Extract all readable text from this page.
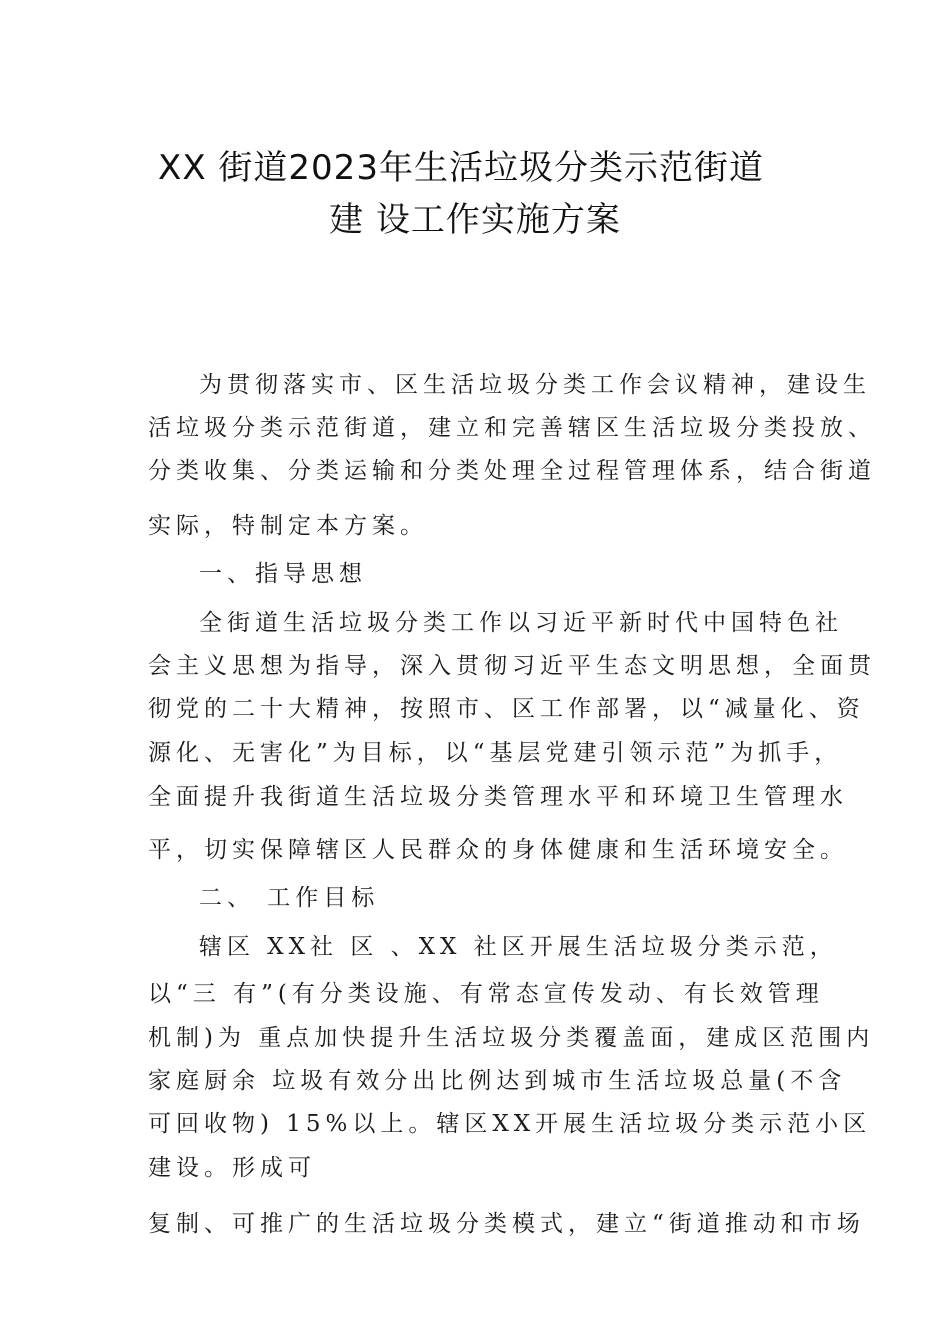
XX 街道2023年生活垃圾分类示范街道
建 设工作实施方案
为贯彻落实市、区生活垃圾分类工作会议精神，建设生
活垃圾分类示范街道，建立和完善辖区生活垃圾分类投放、
分类收集、分类运输和分类处理全过程管理体系，结合街道
实际，特制定本方案。
一、指导思想
全街道生活垃圾分类工作以习近平新时代中国特色社
会主义思想为指导，深入贯彻习近平生态文明思想，全面贯
彻党的二十大精神，按照市、区工作部署，以“减量化、资
源化、无害化”为目标，以“基层党建引领示范”为抓手，
全面提升我街道生活垃圾分类管理水平和环境卫生管理水
平，切实保障辖区人民群众的身体健康和生活环境安全。
二、 工作目标
辖区 XX社 区 、XX 社区开展生活垃圾分类示范，
以“三 有”(有分类设施、有常态宣传发动、有长效管理
机制)为 重点加快提升生活垃圾分类覆盖面，建成区范围内
家庭厨余 垃圾有效分出比例达到城市生活垃圾总量(不含
可回收物) 15%以上。辖区XX开展生活垃圾分类示范小区
建设。形成可
复制、可推广的生活垃圾分类模式，建立“街道推动和市场
